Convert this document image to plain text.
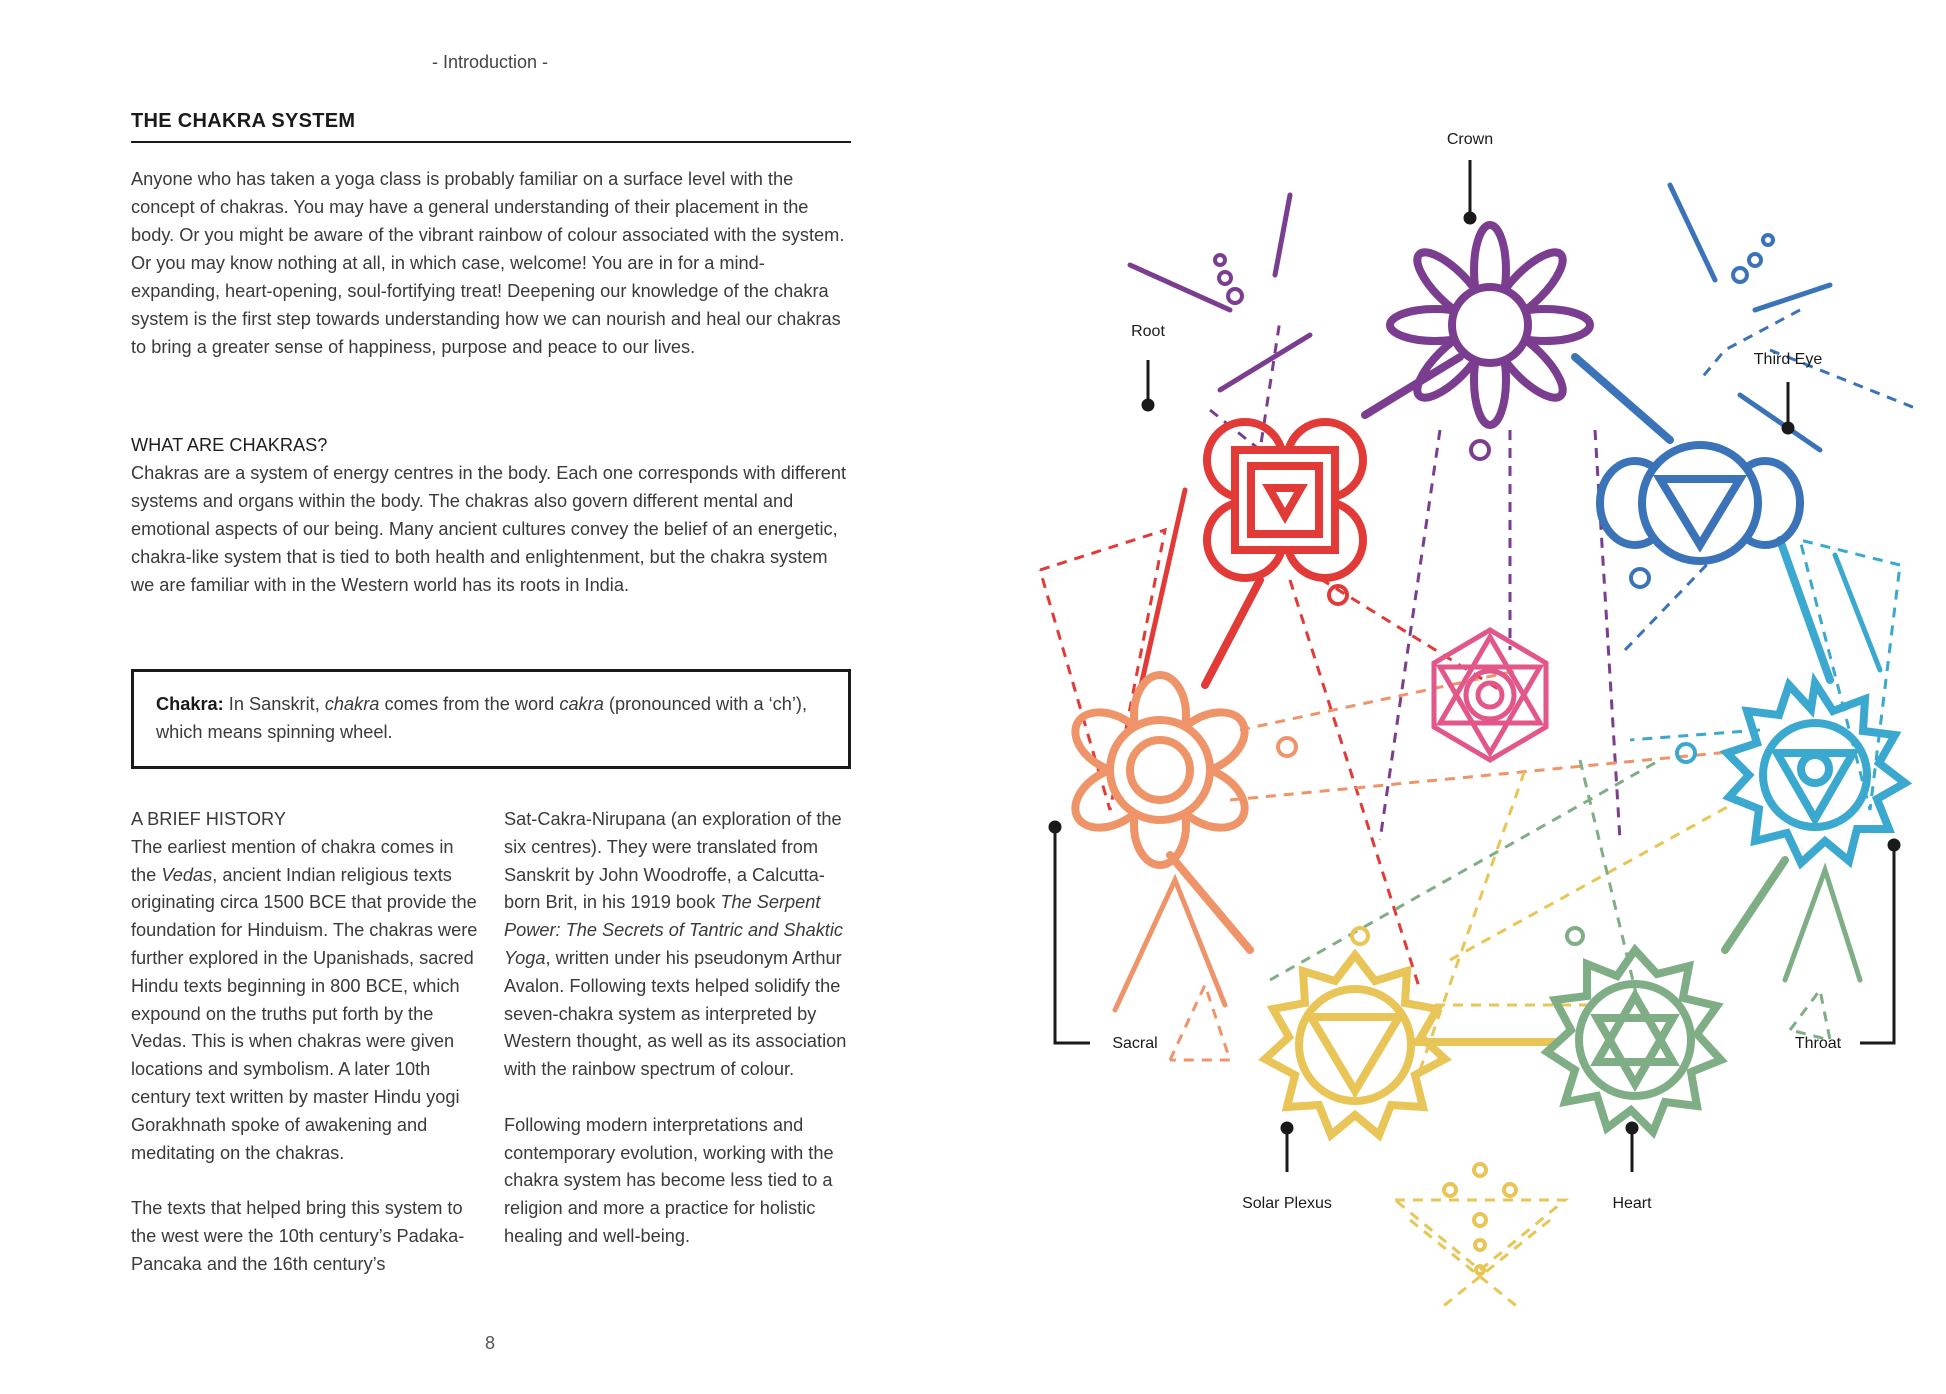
- Introduction -
THE CHAKRA SYSTEM

Anyone who has taken a yoga class is probably familiar on a surface level with the concept of chakras. You may have a general understanding of their placement in the body. Or you might be aware of the vibrant rainbow of colour associated with the system. Or you may know nothing at all, in which case, welcome! You are in for a mind-expanding, heart-opening, soul-fortifying treat! Deepening our knowledge of the chakra system is the first step towards understanding how we can nourish and heal our chakras to bring a greater sense of happiness, purpose and peace to our lives.

WHAT ARE CHAKRAS?

Chakras are a system of energy centres in the body. Each one corresponds with different systems and organs within the body. The chakras also govern different mental and emotional aspects of our being. Many ancient cultures convey the belief of an energetic, chakra-like system that is tied to both health and enlightenment, but the chakra system we are familiar with in the Western world has its roots in India.

Chakra: In Sanskrit, chakra comes from the word cakra (pronounced with a ‘ch’), which means spinning wheel.

A BRIEF HISTORY

The earliest mention of chakra comes in the Vedas, ancient Indian religious texts originating circa 1500 BCE that provide the foundation for Hinduism. The chakras were further explored in the Upanishads, sacred Hindu texts beginning in 800 BCE, which expound on the truths put forth by the Vedas. This is when chakras were given locations and symbolism. A later 10th century text written by master Hindu yogi Gorakhnath spoke of awakening and meditating on the chakras.

The texts that helped bring this system to the west were the 10th century’s Padaka-Pancaka and the 16th century’s

Sat-Cakra-Nirupana (an exploration of the six centres). They were translated from Sanskrit by John Woodroffe, a Calcutta-born Brit, in his 1919 book The Serpent Power: The Secrets of Tantric and Shaktic Yoga, written under his pseudonym Arthur Avalon. Following texts helped solidify the seven-chakra system as interpreted by Western thought, as well as its association with the rainbow spectrum of colour.

Following modern interpretations and contemporary evolution, working with the chakra system has become less tied to a religion and more a practice for holistic healing and well-being.

8
Crown
Root
Third Eye
Sacral	Throat
Solar Plexus	Heart
